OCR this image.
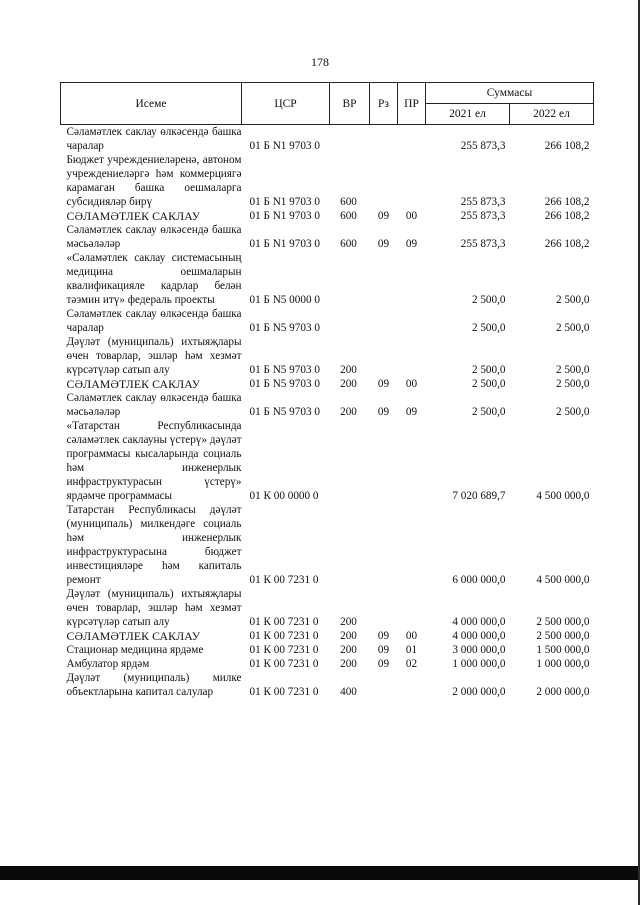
178
Исеме	ЦСР	ВР	Рз	ПР	Суммасы	
					2021 ел	2022 ел
Сәламәтлек саклау өлкәсендә башка чаралар	01 Б N1 9703 0				255 873,3	266 108,2
Бюджет учреждениеләренә, автоном учреждениеләргә һәм коммерциягә карамаган башка оешмаларга субсидияләр бирү	01 Б N1 9703 0	600			255 873,3	266 108,2
СӘЛАМӘТЛЕК САКЛАУ	01 Б N1 9703 0	600	09	00	255 873,3	266 108,2
Сәламәтлек саклау өлкәсендә башка мәсьәләләр	01 Б N1 9703 0	600	09	09	255 873,3	266 108,2
«Сәламәтлек саклау системасының медицина оешмаларын квалификацияле кадрлар белән тәэмин итү» федераль проекты	01 Б N5 0000 0				2 500,0	2 500,0
Сәламәтлек саклау өлкәсендә башка чаралар	01 Б N5 9703 0				2 500,0	2 500,0
Дәүләт (муниципаль) ихтыяҗлары өчен товарлар, эшләр һәм хезмәт күрсәтүләр сатып алу	01 Б N5 9703 0	200			2 500,0	2 500,0
СӘЛАМӘТЛЕК САКЛАУ	01 Б N5 9703 0	200	09	00	2 500,0	2 500,0
Сәламәтлек саклау өлкәсендә башка мәсьәләләр	01 Б N5 9703 0	200	09	09	2 500,0	2 500,0
«Татарстан Республикасында сәламәтлек саклауны үстерү» дәүләт программасы кысаларында социаль һәм инженерлык инфраструктурасын үстерү» ярдәмче программасы	01 К 00 0000 0				7 020 689,7	4 500 000,0
Татарстан Республикасы дәүләт (муниципаль) милкендәге социаль һәм инженерлык инфраструктурасына бюджет инвестицияләре һәм капиталь ремонт	01 К 00 7231 0				6 000 000,0	4 500 000,0
Дәүләт (муниципаль) ихтыяҗлары өчен товарлар, эшләр һәм хезмәт күрсәтүләр сатып алу	01 К 00 7231 0	200			4 000 000,0	2 500 000,0
СӘЛАМӘТЛЕК САКЛАУ	01 К 00 7231 0	200	09	00	4 000 000,0	2 500 000,0
Стационар медицина ярдәме	01 К 00 7231 0	200	09	01	3 000 000,0	1 500 000,0
Амбулатор ярдәм	01 К 00 7231 0	200	09	02	1 000 000,0	1 000 000,0
Дәүләт (муниципаль) милке объектларына капитал салулар	01 К 00 7231 0	400			2 000 000,0	2 000 000,0
